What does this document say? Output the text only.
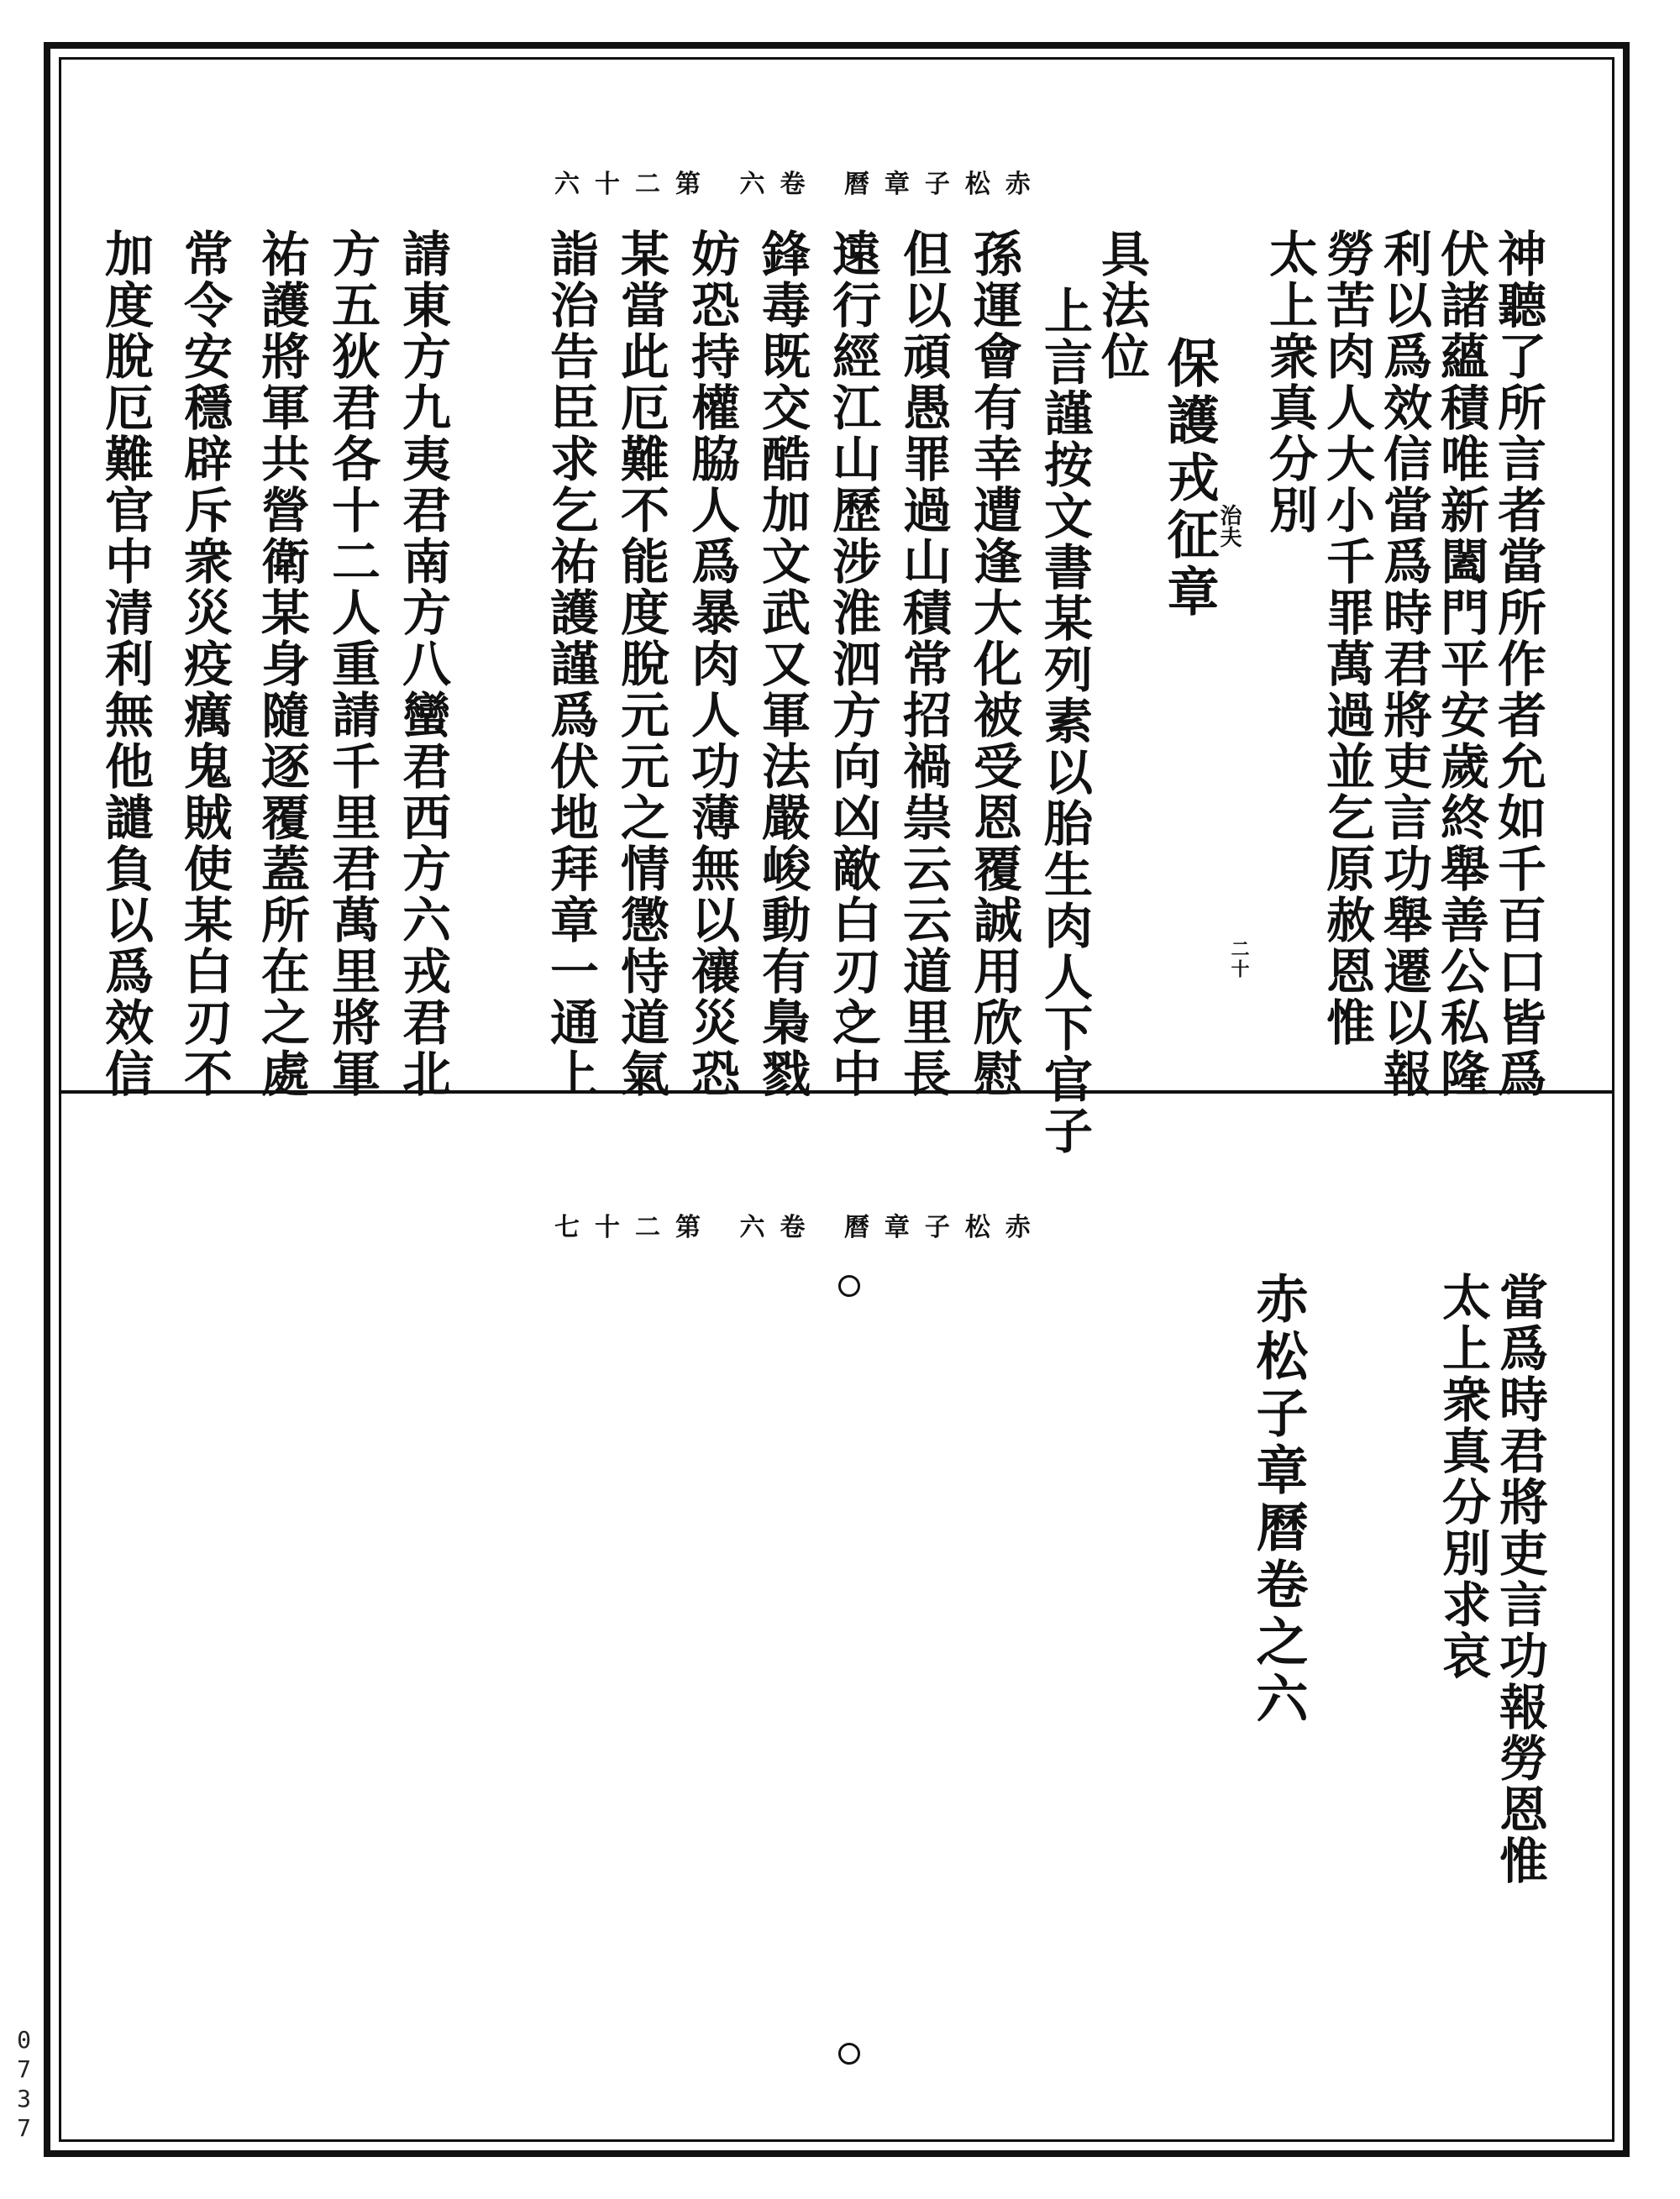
赤松子章曆 卷六 第二十六
神聽了所言者當所作者允如千百口皆爲
伏諸蘊積唯新闔門平安歲終舉善公私隆
利以爲效信當爲時君將吏言功舉遷以報
勞苦肉人大小千罪萬過並乞原赦恩惟
太上衆真分別
保護戎征章
治夫
二十
具法位
上言謹按文書某列素以胎生肉人下官子
孫運會有幸遭逢大化被受恩覆誠用欣慰
但以頑愚罪過山積常招禍祟云云道里長
遠行經江山歷涉淮泗方向凶敵白刃之中
鋒毒既交酷加文武又軍法嚴峻動有梟戮
妨恐持權脇人爲暴肉人功薄無以禳災恐
某當此厄難不能度脫元元之情懲恃道氣
詣治告臣求乞祐護謹爲伏地拜章一通上
請東方九夷君南方八蠻君西方六戎君北
方五狄君各十二人重請千里君萬里將軍
祐護將軍共營衛某身隨逐覆蓋所在之處
常令安穩辟斥衆災疫癘鬼賊使某白刃不
加度脫厄難官中清利無他譴負以爲效信
赤松子章曆 卷六 第二十七
當爲時君將吏言功報勞恩惟
太上衆真分別求哀
赤松子章曆卷之六
0737
